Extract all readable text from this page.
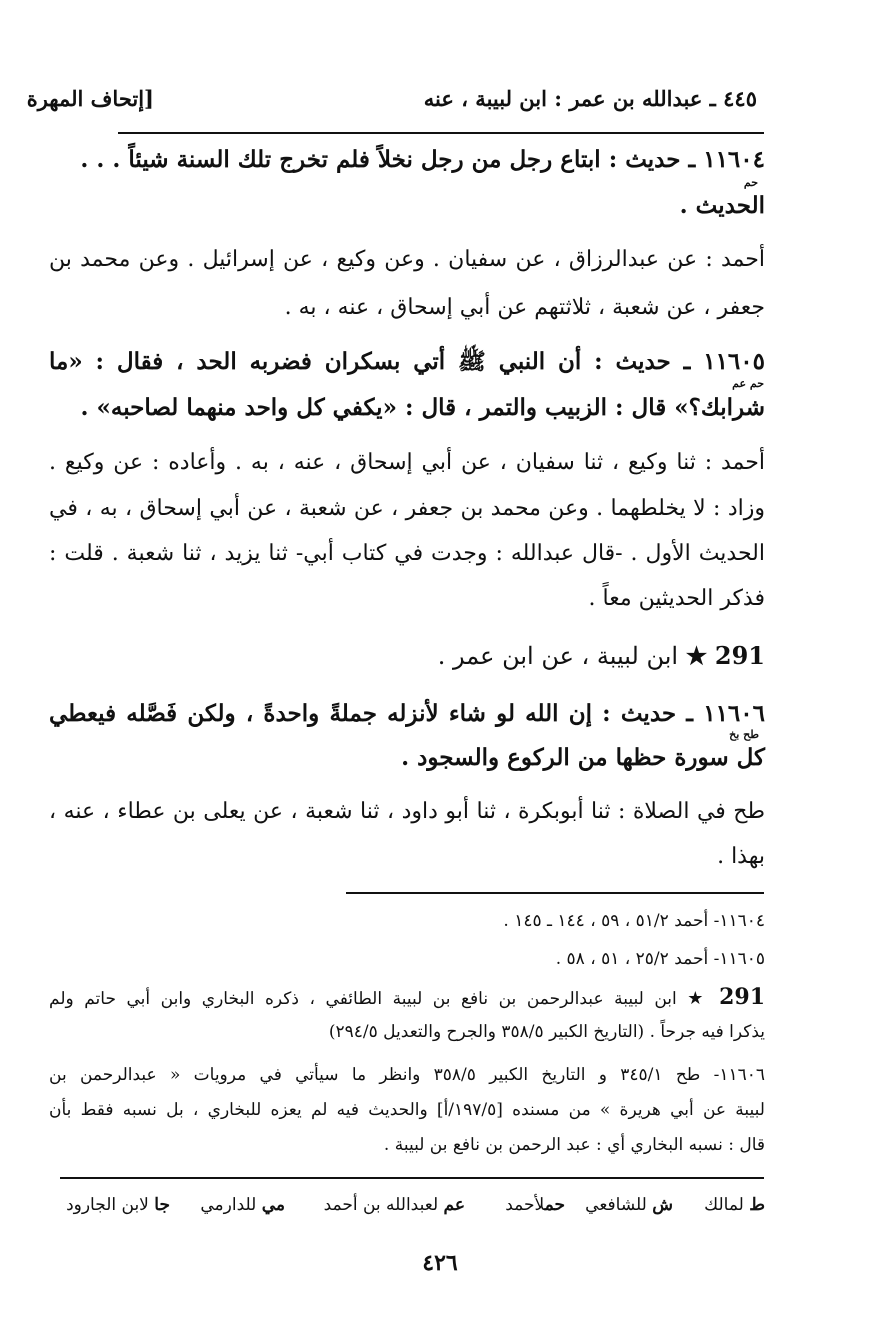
٤٤٥ ـ عبدالله بن عمر : ابن لبيبة ، عنه
[إتحاف المهرة
١١٦٠٤ ـ حديث : ابتاع رجل من رجل نخلاً فلم تخرج تلك السنة شيئاً . . .
حم
الحديث .
أحمد : عن عبدالرزاق ، عن سفيان . وعن وكيع ، عن إسرائيل . وعن محمد بن
جعفر ، عن شعبة ، ثلاثتهم عن أبي إسحاق ، عنه ، به .
١١٦٠٥ ـ حديث : أن النبي ﷺ أتي بسكران فضربه الحد ، فقال : «ما
حم عم
شرابك؟» قال : الزبيب والتمر ، قال : «يكفي كل واحد منهما لصاحبه» .
أحمد : ثنا وكيع ، ثنا سفيان ، عن أبي إسحاق ، عنه ، به . وأعاده : عن وكيع .
وزاد : لا يخلطهما . وعن محمد بن جعفر ، عن شعبة ، عن أبي إسحاق ، به ، في
الحديث الأول . -قال عبدالله : وجدت في كتاب أبي- ثنا يزيد ، ثنا شعبة . قلت :
فذكر الحديثين معاً .
291 ★ ابن لبيبة ، عن ابن عمر .
١١٦٠٦ ـ حديث : إن الله لو شاء لأنزله جملةً واحدةً ، ولكن فَصَّله فيعطي
طح بخ
كل سورة حظها من الركوع والسجود .
طح في الصلاة : ثنا أبوبكرة ، ثنا أبو داود ، ثنا شعبة ، عن يعلى بن عطاء ، عنه ،
بهذا .
١١٦٠٤- أحمد ٥١/٢ ، ٥٩ ، ١٤٤ ـ ١٤٥ .
١١٦٠٥- أحمد ٢٥/٢ ، ٥١ ، ٥٨ .
291 ★ ابن لبيبة عبدالرحمن بن نافع بن لبيبة الطائفي ، ذكره البخاري وابن أبي حاتم ولم
يذكرا فيه جرحاً . (التاريخ الكبير ٣٥٨/٥ والجرح والتعديل ٢٩٤/٥)
١١٦٠٦- طح ٣٤٥/١ و التاريخ الكبير ٣٥٨/٥ وانظر ما سيأتي في مرويات « عبدالرحمن بن
لبيبة عن أبي هريرة » من مسنده [١٩٧/٥/أ] والحديث فيه لم يعزه للبخاري ، بل نسبه فقط بأن
قال : نسبه البخاري أي : عبد الرحمن بن نافع بن لبيبة .
ط لمالك
ش للشافعي
حملأحمد
عم لعبدالله بن أحمد
مي للدارمي
جا لابن الجارود
٤٢٦
